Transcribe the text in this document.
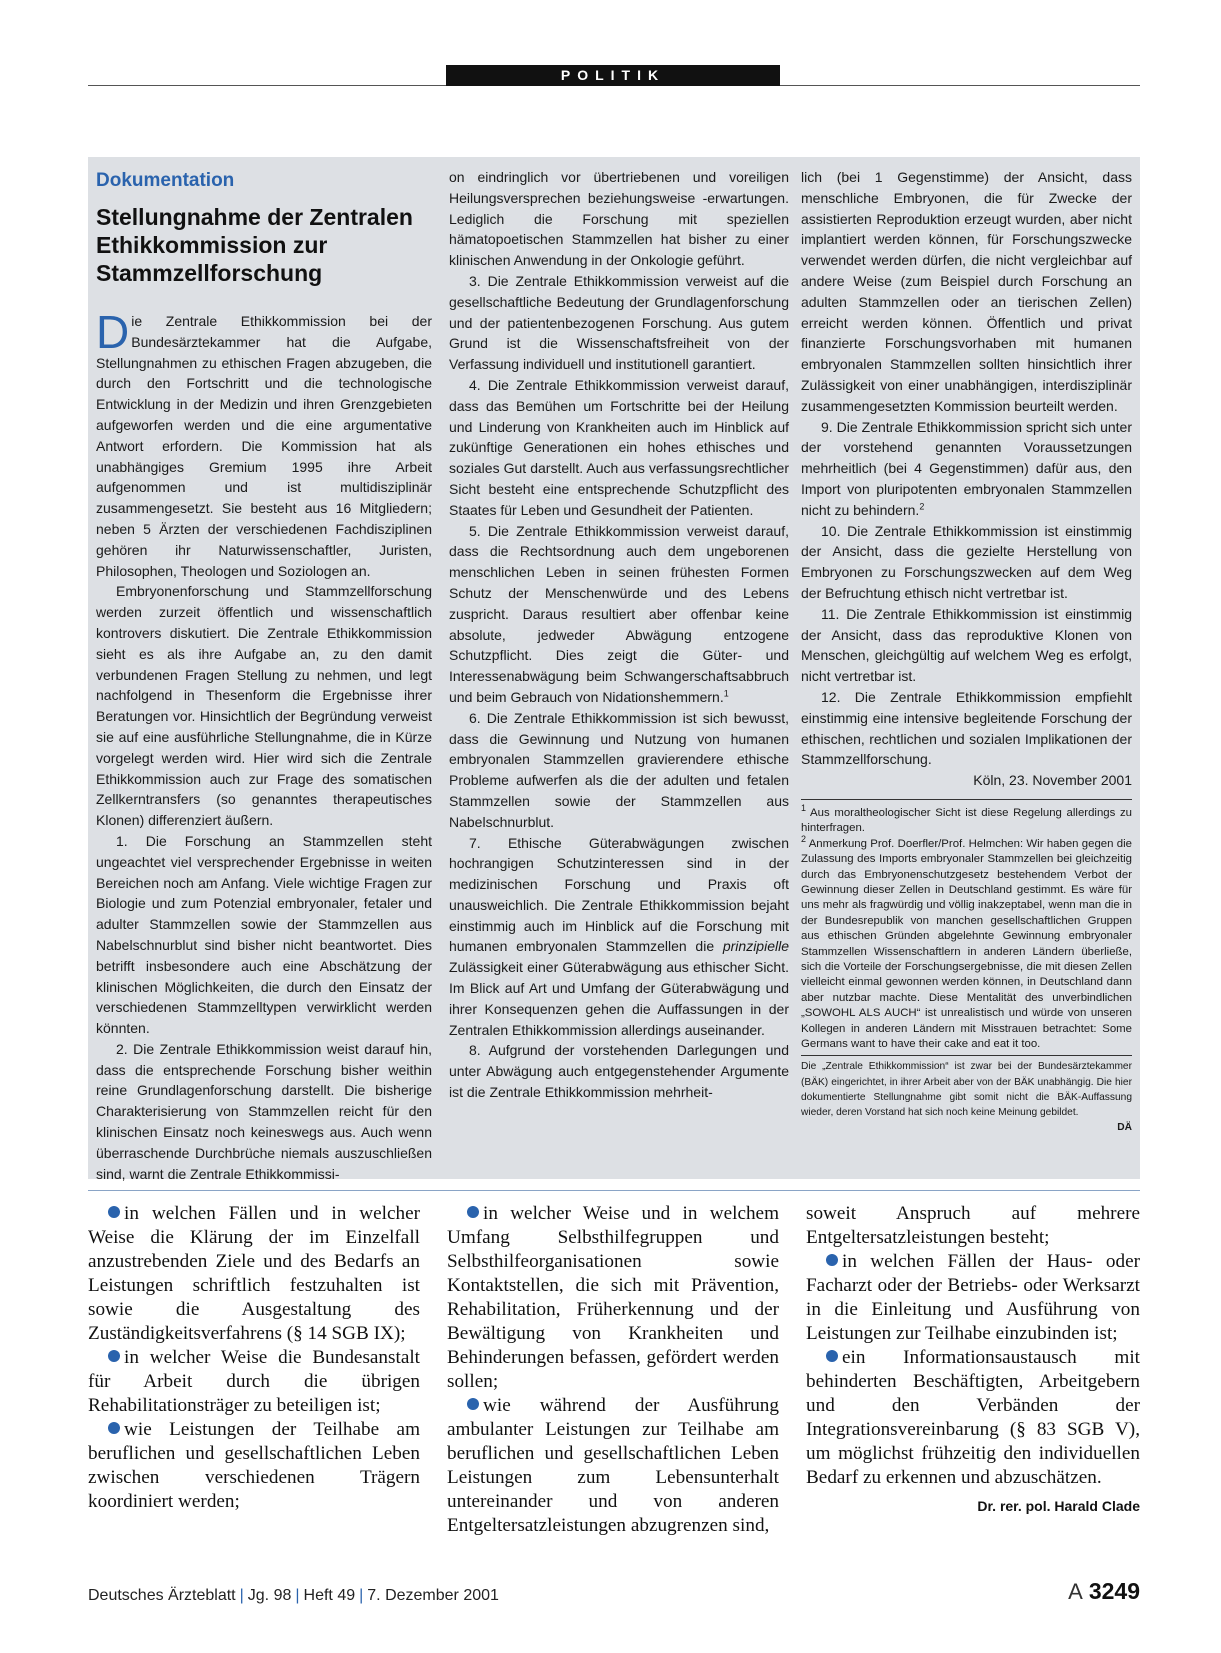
POLITIK
Dokumentation
Stellungnahme der Zentralen Ethikkommission zur Stammzellforschung

Die Zentrale Ethikkommission bei der Bundesärztekammer hat die Aufgabe, Stellungnahmen zu ethischen Fragen abzugeben, die durch den Fortschritt und die technologische Entwicklung in der Medizin und ihren Grenzgebieten aufgeworfen werden und die eine argumentative Antwort erfordern. Die Kommission hat als unabhängiges Gremium 1995 ihre Arbeit aufgenommen und ist multidisziplinär zusammengesetzt. Sie besteht aus 16 Mitgliedern; neben 5 Ärzten der verschiedenen Fachdisziplinen gehören ihr Naturwissenschaftler, Juristen, Philosophen, Theologen und Soziologen an.

Embryonenforschung und Stammzellforschung werden zurzeit öffentlich und wissenschaftlich kontrovers diskutiert. Die Zentrale Ethikkommission sieht es als ihre Aufgabe an, zu den damit verbundenen Fragen Stellung zu nehmen, und legt nachfolgend in Thesenform die Ergebnisse ihrer Beratungen vor. Hinsichtlich der Begründung verweist sie auf eine ausführliche Stellungnahme, die in Kürze vorgelegt werden wird. Hier wird sich die Zentrale Ethikkommission auch zur Frage des somatischen Zellkerntransfers (so genanntes therapeutisches Klonen) differenziert äußern.

1. Die Forschung an Stammzellen steht ungeachtet viel versprechender Ergebnisse in weiten Bereichen noch am Anfang. Viele wichtige Fragen zur Biologie und zum Potenzial embryonaler, fetaler und adulter Stammzellen sowie der Stammzellen aus Nabelschnurblut sind bisher nicht beantwortet. Dies betrifft insbesondere auch eine Abschätzung der klinischen Möglichkeiten, die durch den Einsatz der verschiedenen Stammzelltypen verwirklicht werden könnten.

2. Die Zentrale Ethikkommission weist darauf hin, dass die entsprechende Forschung bisher weithin reine Grundlagenforschung darstellt. Die bisherige Charakterisierung von Stammzellen reicht für den klinischen Einsatz noch keineswegs aus. Auch wenn überraschende Durchbrüche niemals auszuschließen sind, warnt die Zentrale Ethikkommissi-

on eindringlich vor übertriebenen und voreiligen Heilungsversprechen beziehungsweise -erwartungen. Lediglich die Forschung mit speziellen hämatopoetischen Stammzellen hat bisher zu einer klinischen Anwendung in der Onkologie geführt.

3. Die Zentrale Ethikkommission verweist auf die gesellschaftliche Bedeutung der Grundlagenforschung und der patientenbezogenen Forschung. Aus gutem Grund ist die Wissenschaftsfreiheit von der Verfassung individuell und institutionell garantiert.

4. Die Zentrale Ethikkommission verweist darauf, dass das Bemühen um Fortschritte bei der Heilung und Linderung von Krankheiten auch im Hinblick auf zukünftige Generationen ein hohes ethisches und soziales Gut darstellt. Auch aus verfassungsrechtlicher Sicht besteht eine entsprechende Schutzpflicht des Staates für Leben und Gesundheit der Patienten.

5. Die Zentrale Ethikkommission verweist darauf, dass die Rechtsordnung auch dem ungeborenen menschlichen Leben in seinen frühesten Formen Schutz der Menschenwürde und des Lebens zuspricht. Daraus resultiert aber offenbar keine absolute, jedweder Abwägung entzogene Schutzpflicht. Dies zeigt die Güter- und Interessenabwägung beim Schwangerschaftsabbruch und beim Gebrauch von Nidationshemmern.$^1$

6. Die Zentrale Ethikkommission ist sich bewusst, dass die Gewinnung und Nutzung von humanen embryonalen Stammzellen gravierendere ethische Probleme aufwerfen als die der adulten und fetalen Stammzellen sowie der Stammzellen aus Nabelschnurblut.

7. Ethische Güterabwägungen zwischen hochrangigen Schutzinteressen sind in der medizinischen Forschung und Praxis oft unausweichlich. Die Zentrale Ethikkommission bejaht einstimmig auch im Hinblick auf die Forschung mit humanen embryonalen Stammzellen die prinzipielle Zulässigkeit einer Güterabwägung aus ethischer Sicht. Im Blick auf Art und Umfang der Güterabwägung und ihrer Konsequenzen gehen die Auffassungen in der Zentralen Ethikkommission allerdings auseinander.

8. Aufgrund der vorstehenden Darlegungen und unter Abwägung auch entgegenstehender Argumente ist die Zentrale Ethikkommission mehrheit-

lich (bei 1 Gegenstimme) der Ansicht, dass menschliche Embryonen, die für Zwecke der assistierten Reproduktion erzeugt wurden, aber nicht implantiert werden können, für Forschungszwecke verwendet werden dürfen, die nicht vergleichbar auf andere Weise (zum Beispiel durch Forschung an adulten Stammzellen oder an tierischen Zellen) erreicht werden können. Öffentlich und privat finanzierte Forschungsvorhaben mit humanen embryonalen Stammzellen sollten hinsichtlich ihrer Zulässigkeit von einer unabhängigen, interdisziplinär zusammengesetzten Kommission beurteilt werden.

9. Die Zentrale Ethikkommission spricht sich unter der vorstehend genannten Voraussetzungen mehrheitlich (bei 4 Gegenstimmen) dafür aus, den Import von pluripotenten embryonalen Stammzellen nicht zu behindern.$^2$

10. Die Zentrale Ethikkommission ist einstimmig der Ansicht, dass die gezielte Herstellung von Embryonen zu Forschungszwecken auf dem Weg der Befruchtung ethisch nicht vertretbar ist.

11. Die Zentrale Ethikkommission ist einstimmig der Ansicht, dass das reproduktive Klonen von Menschen, gleichgültig auf welchem Weg es erfolgt, nicht vertretbar ist.

12. Die Zentrale Ethikkommission empfiehlt einstimmig eine intensive begleitende Forschung der ethischen, rechtlichen und sozialen Implikationen der Stammzellforschung.

Köln, 23. November 2001

$^1$ Aus moraltheologischer Sicht ist diese Regelung allerdings zu hinterfragen.
$^2$ Anmerkung Prof. Doerfler/Prof. Helmchen: Wir haben gegen die Zulassung des Imports embryonaler Stammzellen bei gleichzeitig durch das Embryonenschutzgesetz bestehendem Verbot der Gewinnung dieser Zellen in Deutschland gestimmt. Es wäre für uns mehr als fragwürdig und völlig inakzeptabel, wenn man die in der Bundesrepublik von manchen gesellschaftlichen Gruppen aus ethischen Gründen abgelehnte Gewinnung embryonaler Stammzellen Wissenschaftlern in anderen Ländern überließe, sich die Vorteile der Forschungsergebnisse, die mit diesen Zellen vielleicht einmal gewonnen werden können, in Deutschland dann aber nutzbar machte. Diese Mentalität des unverbindlichen „SOWOHL ALS AUCH“ ist unrealistisch und würde von unseren Kollegen in anderen Ländern mit Misstrauen betrachtet: Some Germans want to have their cake and eat it too.
Die „Zentrale Ethikkommission“ ist zwar bei der Bundesärztekammer (BÄK) eingerichtet, in ihrer Arbeit aber von der BÄK unabhängig. Die hier dokumentierte Stellungnahme gibt somit nicht die BÄK-Auffassung wieder, deren Vorstand hat sich noch keine Meinung gebildet.
DÄ

in welchen Fällen und in welcher Weise die Klärung der im Einzelfall anzustrebenden Ziele und des Bedarfs an Leistungen schriftlich festzuhalten ist sowie die Ausgestaltung des Zuständigkeitsverfahrens (§ 14 SGB IX);

in welcher Weise die Bundesanstalt für Arbeit durch die übrigen Rehabilitationsträger zu beteiligen ist;

wie Leistungen der Teilhabe am beruflichen und gesellschaftlichen Leben zwischen verschiedenen Trägern koordiniert werden;

in welcher Weise und in welchem Umfang Selbsthilfegruppen und Selbsthilfeorganisationen sowie Kontaktstellen, die sich mit Prävention, Rehabilitation, Früherkennung und der Bewältigung von Krankheiten und Behinderungen befassen, gefördert werden sollen;

wie während der Ausführung ambulanter Leistungen zur Teilhabe am beruflichen und gesellschaftlichen Leben Leistungen zum Lebensunterhalt untereinander und von anderen Entgeltersatzleistungen abzugrenzen sind,

soweit Anspruch auf mehrere Entgeltersatzleistungen besteht;

in welchen Fällen der Haus- oder Facharzt oder der Betriebs- oder Werksarzt in die Einleitung und Ausführung von Leistungen zur Teilhabe einzubinden ist;

ein Informationsaustausch mit behinderten Beschäftigten, Arbeitgebern und den Verbänden der Integrationsvereinbarung (§ 83 SGB V), um möglichst frühzeitig den individuellen Bedarf zu erkennen und abzuschätzen.
Dr. rer. pol. Harald Clade

Deutsches Ärzteblatt | Jg. 98 | Heft 49 | 7. Dezember 2001	A 3249
